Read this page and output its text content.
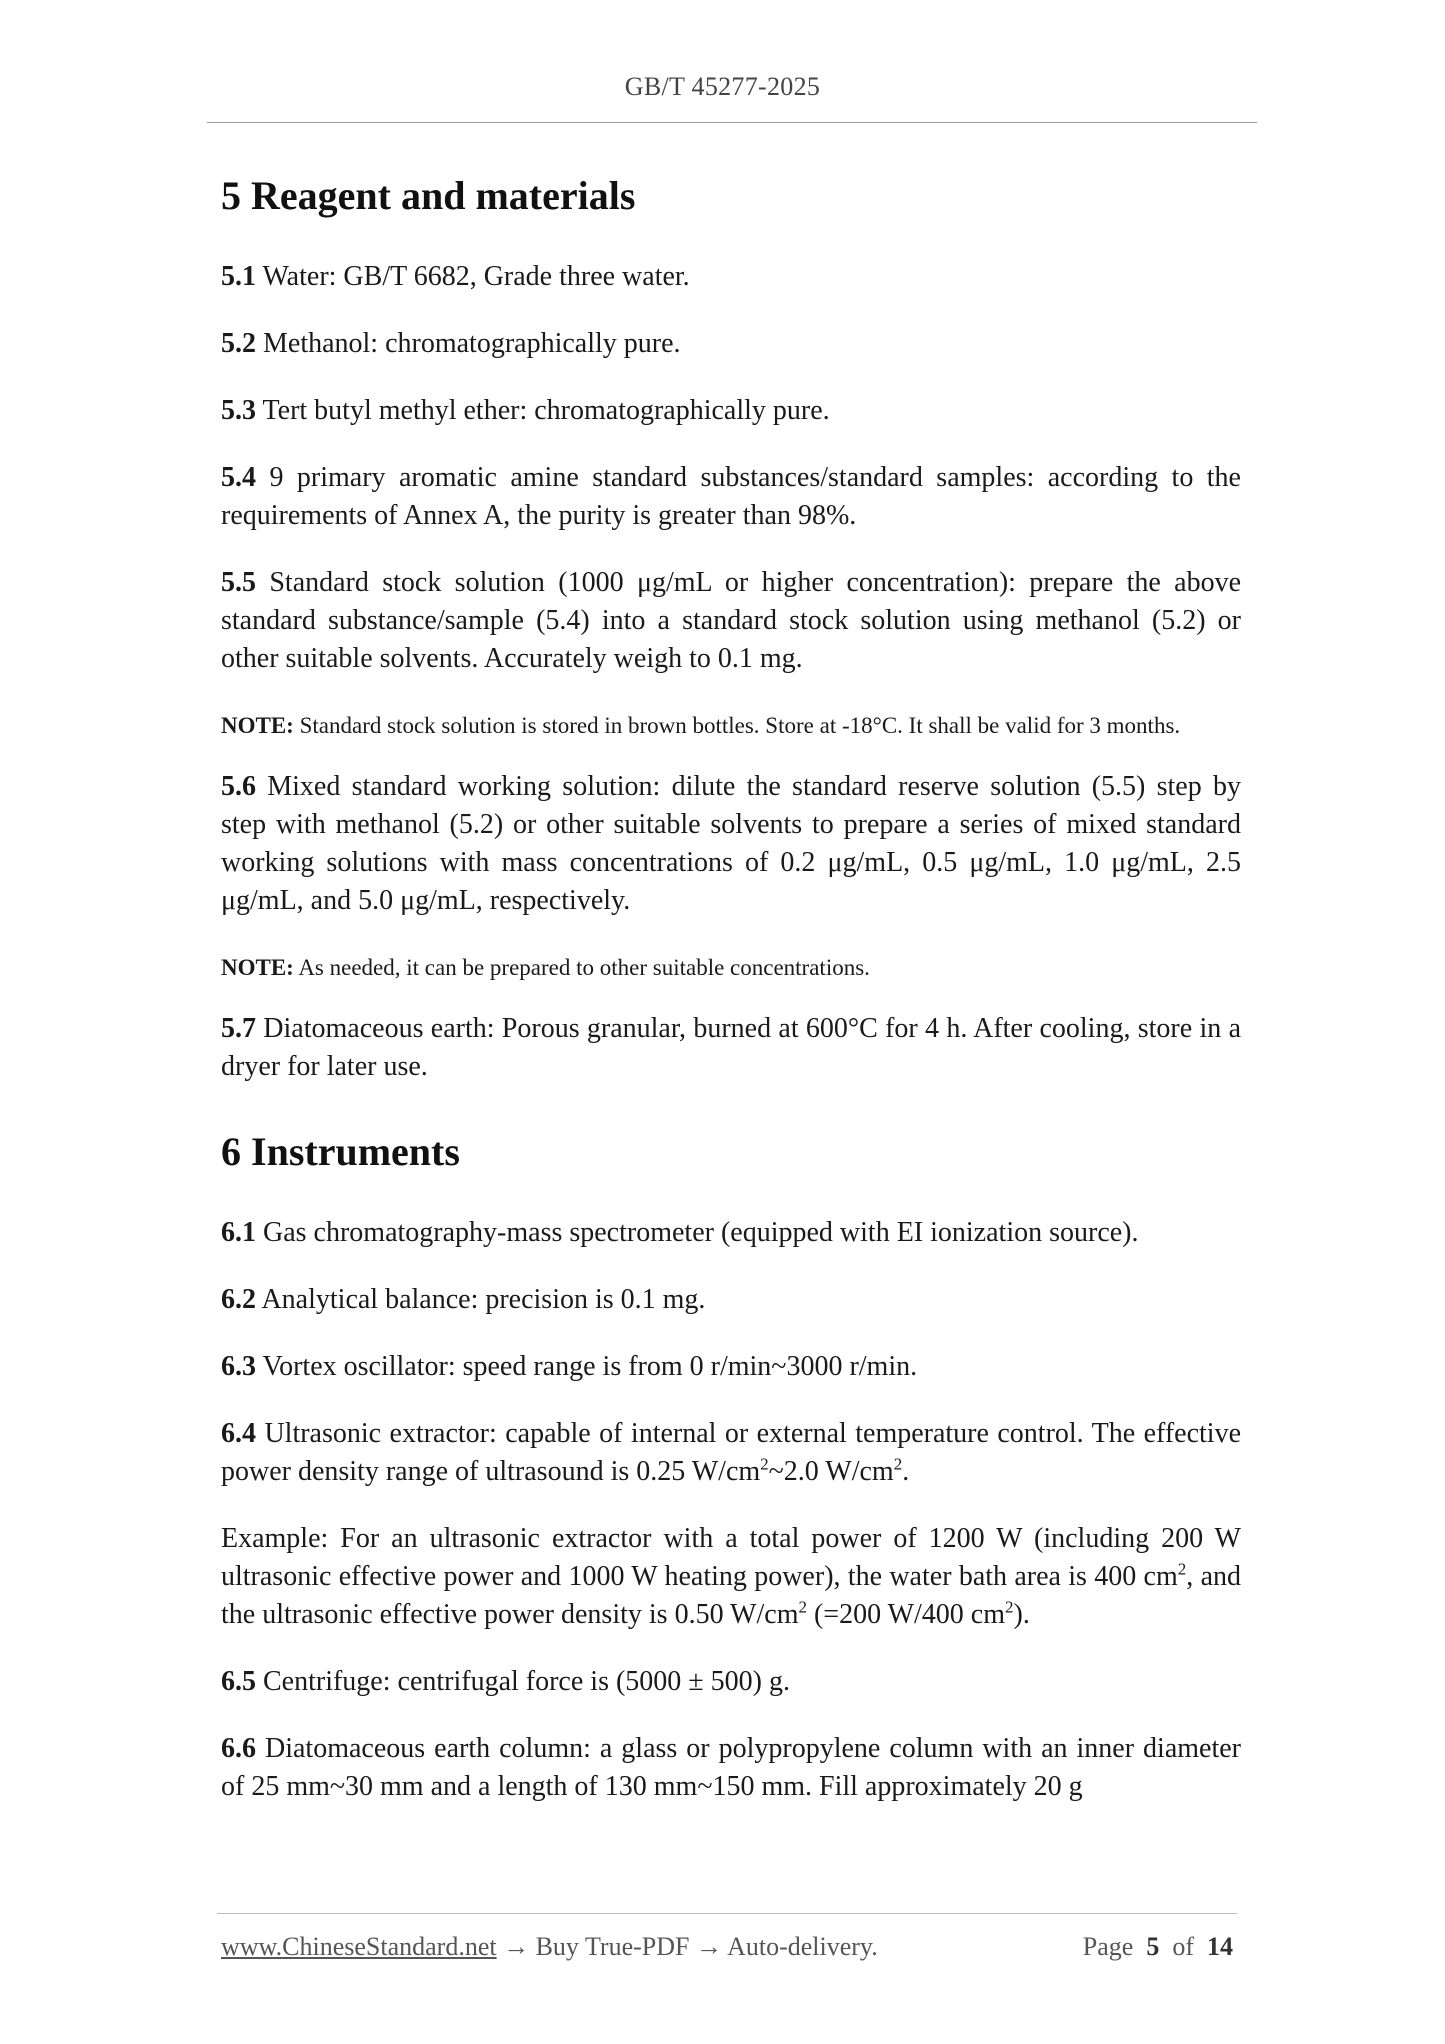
GB/T 45277-2025
5 Reagent and materials

5.1 Water: GB/T 6682, Grade three water.

5.2 Methanol: chromatographically pure.

5.3 Tert butyl methyl ether: chromatographically pure.

5.4 9 primary aromatic amine standard substances/standard samples: according to the requirements of Annex A, the purity is greater than 98%.

5.5 Standard stock solution (1000 μg/mL or higher concentration): prepare the above standard substance/sample (5.4) into a standard stock solution using methanol (5.2) or other suitable solvents. Accurately weigh to 0.1 mg.

NOTE: Standard stock solution is stored in brown bottles. Store at -18°C. It shall be valid for 3 months.

5.6 Mixed standard working solution: dilute the standard reserve solution (5.5) step by step with methanol (5.2) or other suitable solvents to prepare a series of mixed standard working solutions with mass concentrations of 0.2 μg/mL, 0.5 μg/mL, 1.0 μg/mL, 2.5 μg/mL, and 5.0 μg/mL, respectively.

NOTE: As needed, it can be prepared to other suitable concentrations.

5.7 Diatomaceous earth: Porous granular, burned at 600°C for 4 h. After cooling, store in a dryer for later use.

6 Instruments

6.1 Gas chromatography-mass spectrometer (equipped with EI ionization source).

6.2 Analytical balance: precision is 0.1 mg.

6.3 Vortex oscillator: speed range is from 0 r/min~3000 r/min.

6.4 Ultrasonic extractor: capable of internal or external temperature control. The effective power density range of ultrasound is 0.25 $W/cm^2\sim 2.0$ $W/cm^2$.

Example: For an ultrasonic extractor with a total power of 1200 W (including 200 W ultrasonic effective power and 1000 W heating power), the water bath area is 400 $cm^2$, and the ultrasonic effective power density is 0.50 $W/cm^2$ (=200 W/400 $cm^2$).

6.5 Centrifuge: centrifugal force is (5000 ± 500) g.

6.6 Diatomaceous earth column: a glass or polypropylene column with an inner diameter of 25 mm~30 mm and a length of 130 mm~150 mm. Fill approximately 20 g

www.ChineseStandard.net → Buy True-PDF → Auto-delivery.	Page 5 of 14
